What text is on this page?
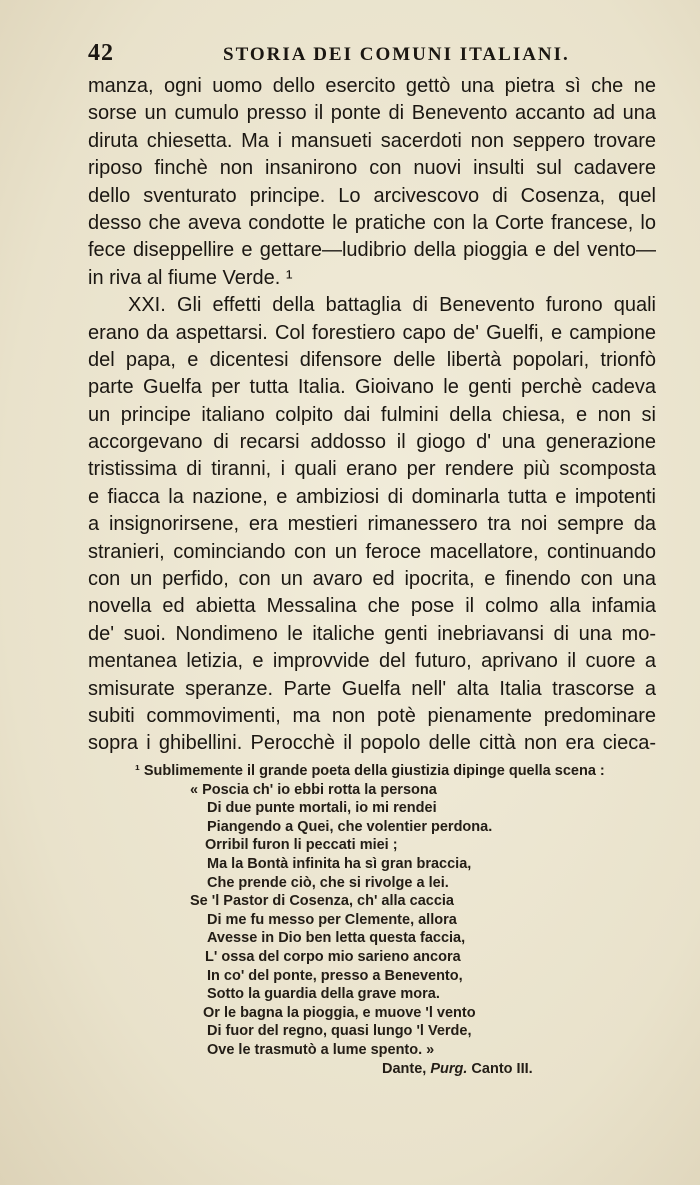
42	STORIA DEI COMUNI ITALIANI.
manza, ogni uomo dello esercito gettò una pietra sì che ne
sorse un cumulo presso il ponte di Benevento accanto ad una
diruta chiesetta. Ma i mansueti sacerdoti non seppero trovare
riposo finchè non insanirono con nuovi insulti sul cadavere
dello sventurato principe. Lo arcivescovo di Cosenza, quel
desso che aveva condotte le pratiche con la Corte francese, lo
fece diseppellire e gettare—ludibrio della pioggia e del vento—
in riva al fiume Verde. ¹
XXI. Gli effetti della battaglia di Benevento furono quali
erano da aspettarsi. Col forestiero capo de' Guelfi, e campione
del papa, e dicentesi difensore delle libertà popolari, trionfò
parte Guelfa per tutta Italia. Gioivano le genti perchè cadeva
un principe italiano colpito dai fulmini della chiesa, e non si
accorgevano di recarsi addosso il giogo d' una generazione
tristissima di tiranni, i quali erano per rendere più scomposta
e fiacca la nazione, e ambiziosi di dominarla tutta e impotenti
a insignorirsene, era mestieri rimanessero tra noi sempre da
stranieri, cominciando con un feroce macellatore, continuando
con un perfido, con un avaro ed ipocrita, e finendo con una
novella ed abietta Messalina che pose il colmo alla infamia
de' suoi. Nondimeno le italiche genti inebriavansi di una mo-
mentanea letizia, e improvvide del futuro, aprivano il cuore a
smisurate speranze. Parte Guelfa nell' alta Italia trascorse a
subiti commovimenti, ma non potè pienamente predominare
sopra i ghibellini. Perocchè il popolo delle città non era cieca-
¹ Sublimemente il grande poeta della giustizia dipinge quella scena :
« Poscia ch' io ebbi rotta la persona
Di due punte mortali, io mi rendei
Piangendo a Quei, che volentier perdona.
Orribil furon li peccati miei ;
Ma la Bontà infinita ha sì gran braccia,
Che prende ciò, che si rivolge a lei.
Se 'l Pastor di Cosenza, ch' alla caccia
Di me fu messo per Clemente, allora
Avesse in Dio ben letta questa faccia,
L' ossa del corpo mio sarieno ancora
In co' del ponte, presso a Benevento,
Sotto la guardia della grave mora.
Or le bagna la pioggia, e muove 'l vento
Di fuor del regno, quasi lungo 'l Verde,
Ove le trasmutò a lume spento. »
Dante, Purg. Canto III.
